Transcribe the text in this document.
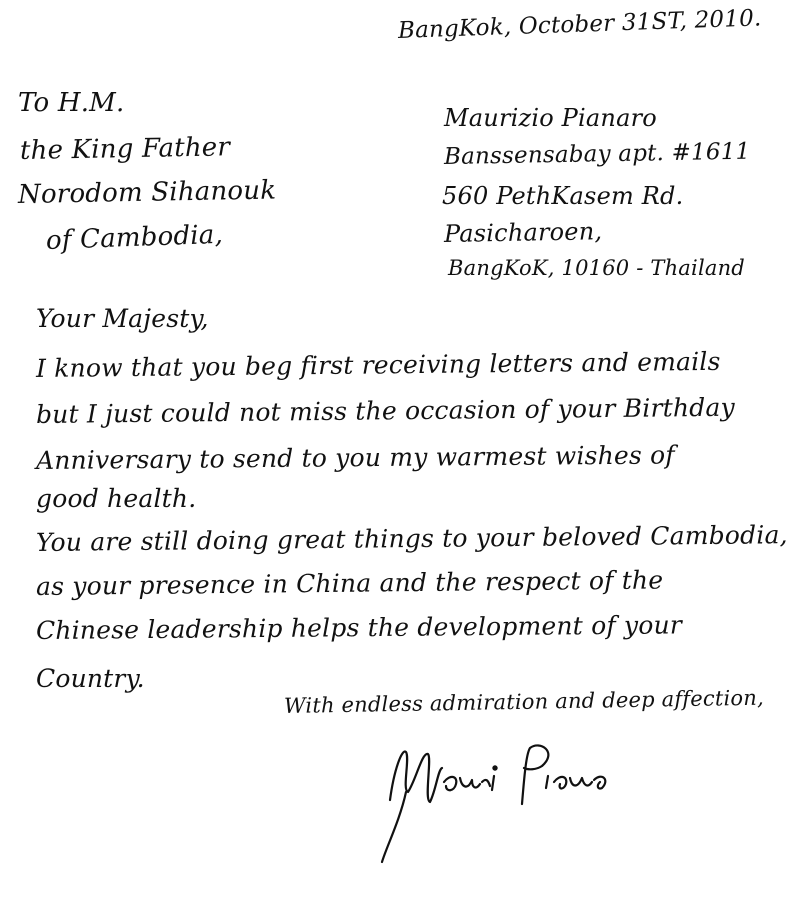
BangKok, October 31ST, 2010.
To H.M.
the King Father
Norodom Sihanouk
of Cambodia,
Maurizio Pianaro
Banssensabay apt. #1611
560 PethKasem Rd.
Pasicharoen,
BangKoK, 10160 - Thailand
Your Majesty,
I know that you beg first receiving letters and emails
but I just could not miss the occasion of your Birthday
Anniversary to send to you my warmest wishes of
good health.
You are still doing great things to your beloved Cambodia,
as your presence in China and the respect of the
Chinese leadership helps the development of your
Country.
With endless admiration and deep affection,
